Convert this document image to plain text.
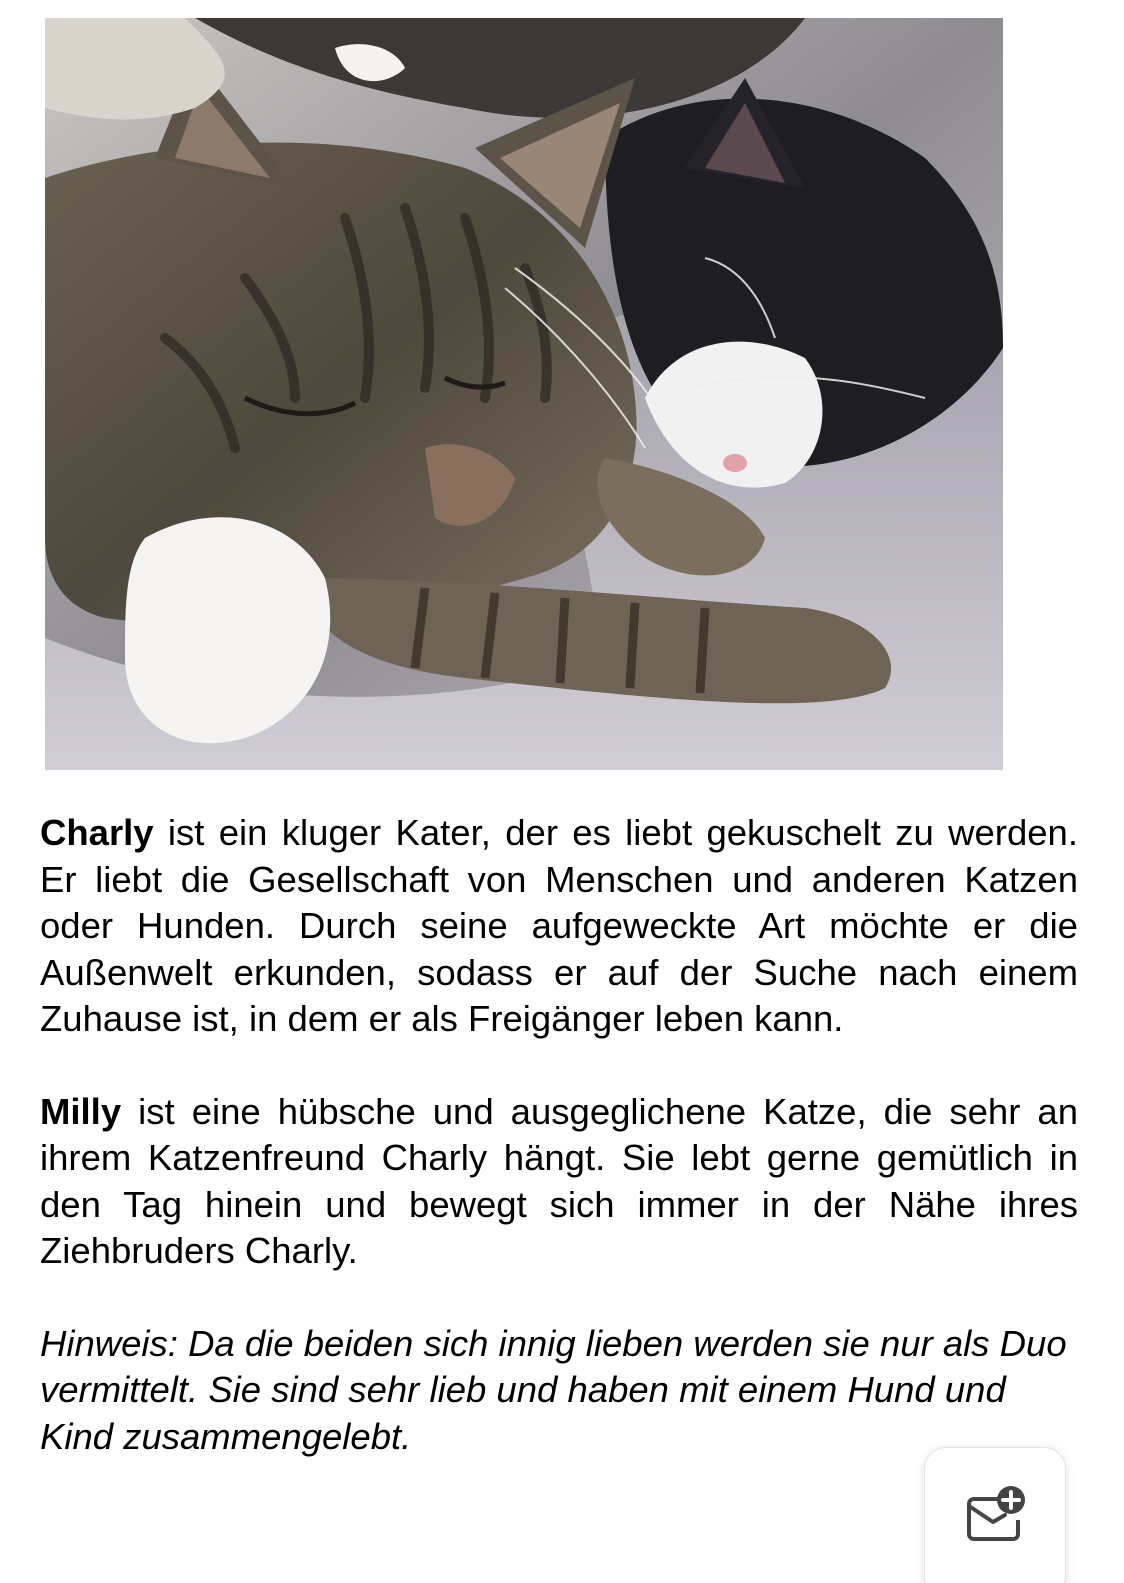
Charly ist ein kluger Kater, der es liebt gekuschelt zu werden. Er liebt die Gesellschaft von Menschen und anderen Katzen oder Hunden. Durch seine aufgeweckte Art möchte er die Außenwelt erkunden, sodass er auf der Suche nach einem Zuhause ist, in dem er als Freigänger leben kann.

Milly ist eine hübsche und ausgeglichene Katze, die sehr an ihrem Katzenfreund Charly hängt. Sie lebt gerne gemütlich in den Tag hinein und bewegt sich immer in der Nähe ihres Ziehbruders Charly.

Hinweis: Da die beiden sich innig lieben werden sie nur als Duo vermittelt. Sie sind sehr lieb und haben mit einem Hund und Kind zusammengelebt.
